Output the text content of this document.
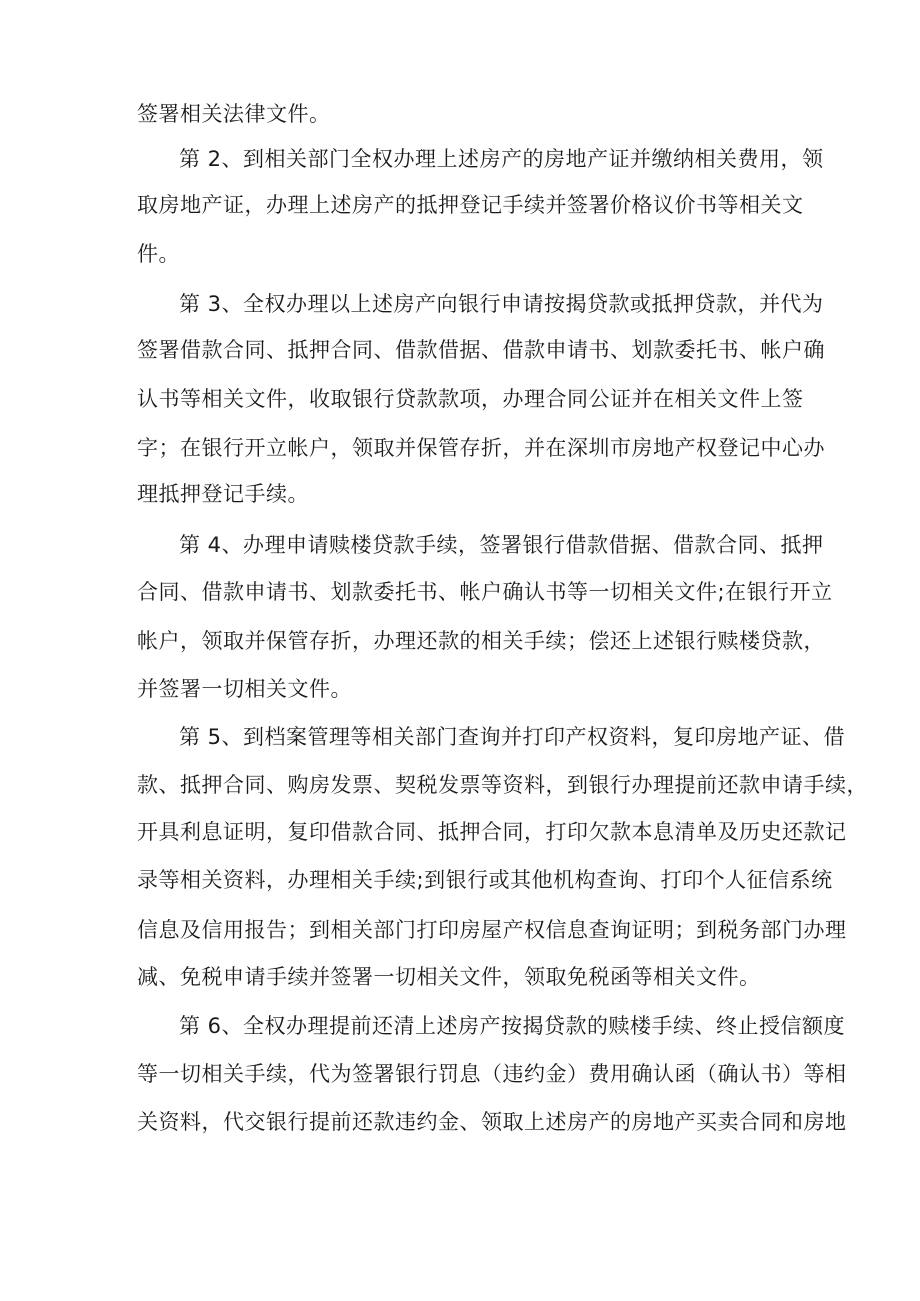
签署相关法律文件。
第 2、到相关部门全权办理上述房产的房地产证并缴纳相关费用，领
取房地产证，办理上述房产的抵押登记手续并签署价格议价书等相关文
件。
第 3、全权办理以上述房产向银行申请按揭贷款或抵押贷款，并代为
签署借款合同、抵押合同、借款借据、借款申请书、划款委托书、帐户确
认书等相关文件，收取银行贷款款项，办理合同公证并在相关文件上签
字；在银行开立帐户，领取并保管存折，并在深圳市房地产权登记中心办
理抵押登记手续。
第 4、办理申请赎楼贷款手续，签署银行借款借据、借款合同、抵押
合同、借款申请书、划款委托书、帐户确认书等一切相关文件;在银行开立
帐户，领取并保管存折，办理还款的相关手续；偿还上述银行赎楼贷款，
并签署一切相关文件。
第 5、到档案管理等相关部门查询并打印产权资料，复印房地产证、借
款、抵押合同、购房发票、契税发票等资料，到银行办理提前还款申请手续，
开具利息证明，复印借款合同、抵押合同，打印欠款本息清单及历史还款记
录等相关资料，办理相关手续;到银行或其他机构查询、打印个人征信系统
信息及信用报告；到相关部门打印房屋产权信息查询证明；到税务部门办理
减、免税申请手续并签署一切相关文件，领取免税函等相关文件。
第 6、全权办理提前还清上述房产按揭贷款的赎楼手续、终止授信额度
等一切相关手续，代为签署银行罚息（违约金）费用确认函（确认书）等相
关资料，代交银行提前还款违约金、领取上述房产的房地产买卖合同和房地
